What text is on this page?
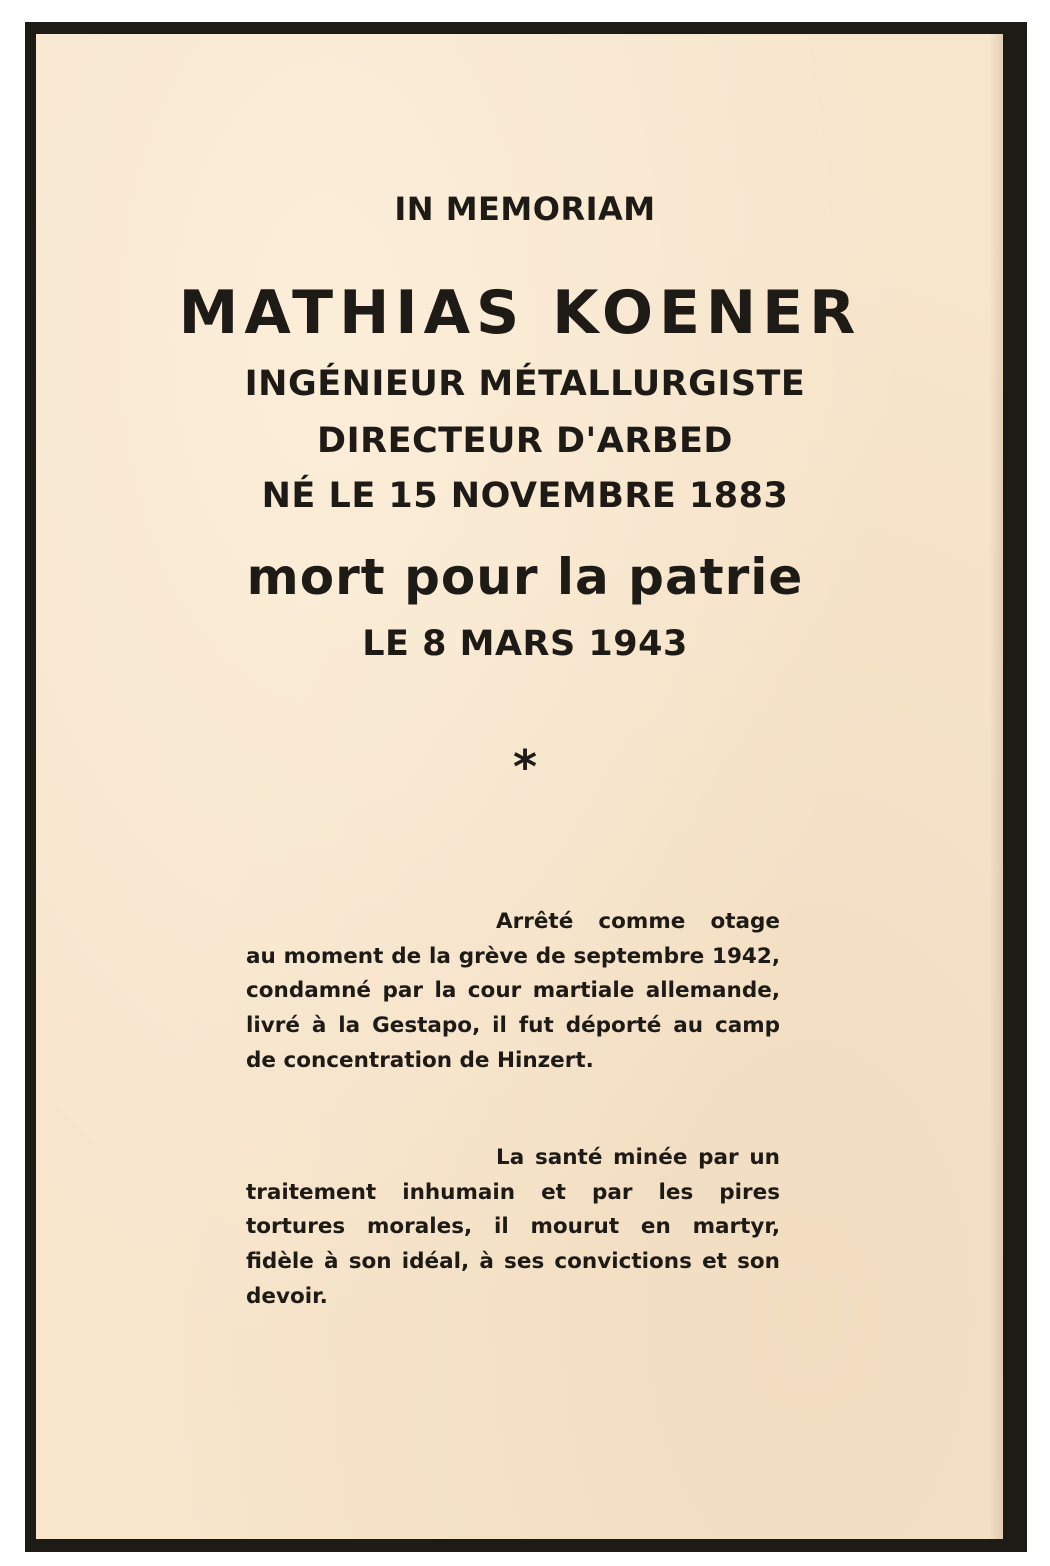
IN MEMORIAM
MATHIAS KOENER
INGÉNIEUR MÉTALLURGISTE
DIRECTEUR D'ARBED
NÉ LE 15 NOVEMBRE 1883
mort pour la patrie
LE 8 MARS 1943
*
Arrêté comme otage au moment de la grève de septembre 1942, condamné par la cour martiale allemande, livré à la Gestapo, il fut déporté au camp de concentration de Hinzert.
La santé minée par un traitement inhumain et par les pires tortures morales, il mourut en martyr, fidèle à son idéal, à ses convictions et son devoir.
